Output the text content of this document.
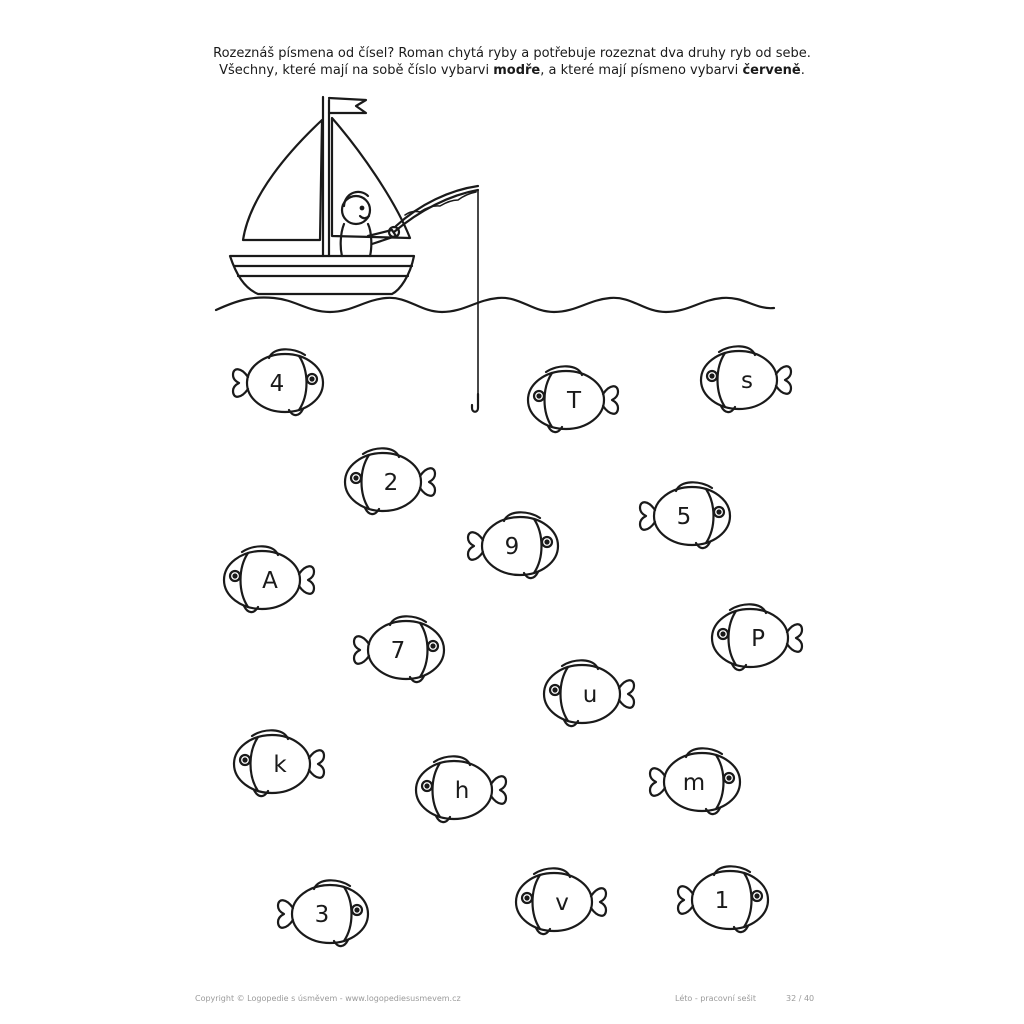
Rozeznáš písmena od čísel? Roman chytá ryby a potřebuje rozeznat dva druhy ryb od sebe.
Všechny, které mají na sobě číslo vybarvi modře, a které mají písmeno vybarvi červeně.
4
T
s
2
5
9
A
P
7
u
k
h	m
3	v	1
Copyright © Logopedie s úsměvem - www.logopediesusmevem.cz	Léto - pracovní sešit	32 / 40
